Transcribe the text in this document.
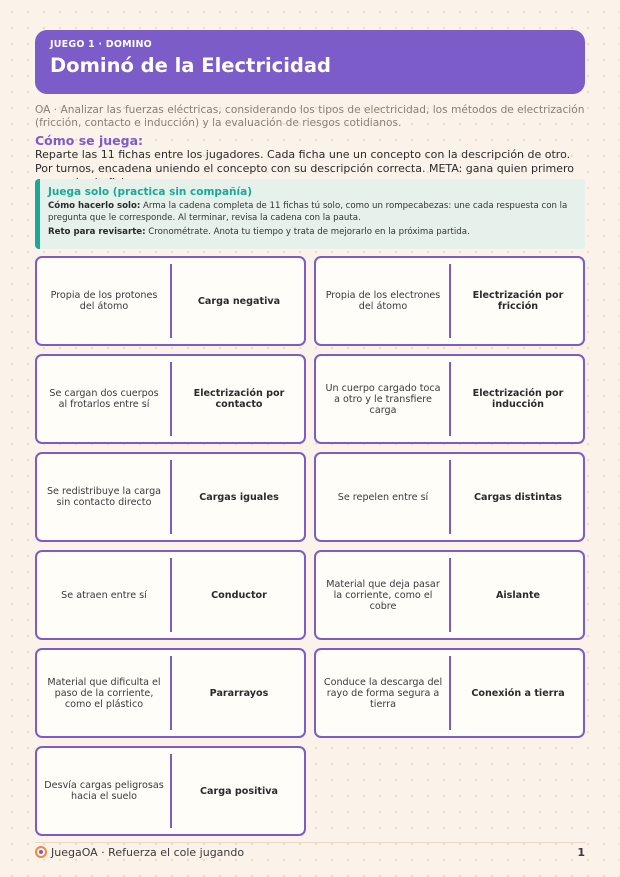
JUEGO 1 · DOMINO
Dominó de la Electricidad
OA · Analizar las fuerzas eléctricas, considerando los tipos de electricidad, los métodos de electrización (fricción, contacto e inducción) y la evaluación de riesgos cotidianos.
Cómo se juega:
Reparte las 11 fichas entre los jugadores. Cada ficha une un concepto con la descripción de otro. Por turnos, encadena uniendo el concepto con su descripción correcta. META: gana quien primero
Juega solo (practica sin compañía)

Cómo hacerlo solo: Arma la cadena completa de 11 fichas tú solo, como un rompecabezas: une cada respuesta con la pregunta que le corresponde. Al terminar, revisa la cadena con la pauta.

Reto para revisarte: Cronométrate. Anota tu tiempo y trata de mejorarlo en la próxima partida.

Propia de los protones del átomo	Carga negativa	Propia de los electrones del átomo
Electrización por fricción
Se cargan dos cuerpos al frotarlos entre sí
Electrización por contacto
Un cuerpo cargado toca a otro y le transfiere carga
Electrización por inducción
Se redistribuye la carga sin contacto directo	Cargas iguales	Se repelen entre sí	Cargas distintas
Se atraen entre sí	Conductor
Material que deja pasar la corriente, como el cobre
Aislante
Material que dificulta el paso de la corriente, como el plástico
Pararrayos
Conduce la descarga del rayo de forma segura a tierra
Conexión a tierra
Desvía cargas peligrosas hacia el suelo	Carga positiva
JuegaOA · Refuerza el cole jugando	1
